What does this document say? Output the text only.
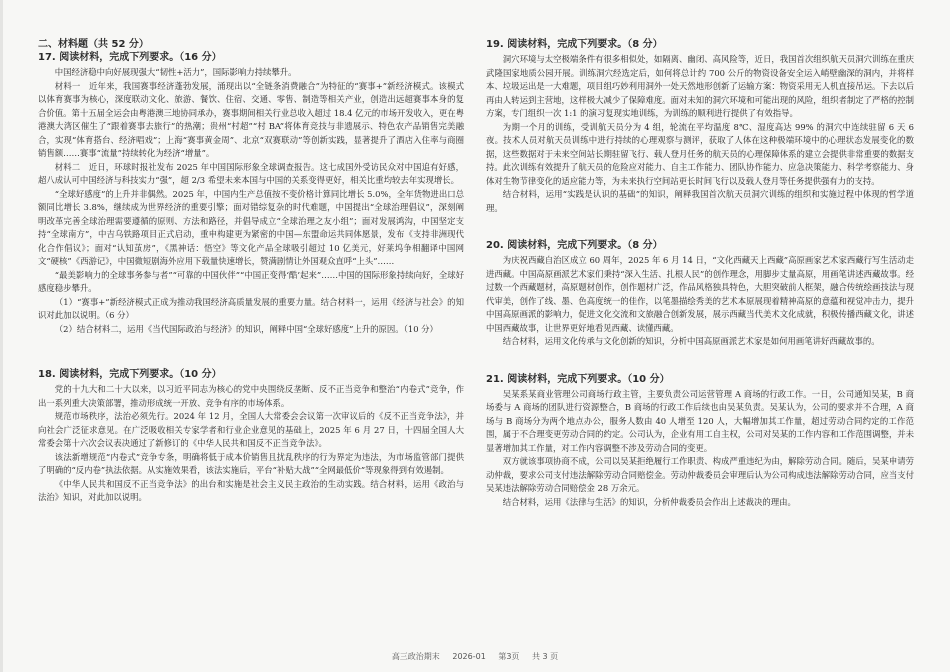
二、材料题（共 52 分）
17. 阅读材料，完成下列要求。（16 分）

中国经济稳中向好展现强大“韧性+活力”，国际影响力持续攀升。

材料一　近年来，我国赛事经济蓬勃发展，涌现出以“全链条消费融合”为特征的“赛事+”新经济模式。该模式以体育赛事为核心，深度联动文化、旅游、餐饮、住宿、交通、零售、制造等相关产业，创造出远超赛事本身的复合价值。第十五届全运会由粤港澳三地协同承办，赛事期间相关行业总收入超过 18.4 亿元的市场开发收入，更在粤港澳大湾区催生了“跟着赛事去旅行”的热潮；贵州“村超”“村 BA”将体育竞技与非遗展示、特色农产品销售完美融合，实现“体育搭台、经济唱戏”；上海“赛事黄金周”、北京“双赛联动”等创新实践，显著提升了酒店入住率与商圈销售额……赛事“流量”持续转化为经济“增量”。

材料二　近日，环球时报社发布 2025 年中国国际形象全球调查报告。这七成国外受访民众对中国追有好感，超八成认可中国经济与科技实力“强”，超 2/3 希望未来本国与中国的关系变得更好，相关比重均较去年实现增长。

“全球好感度”的上升并非偶然。2025 年，中国内生产总值按不变价格计算同比增长 5.0%，全年货物进出口总额同比增长 3.8%，继续成为世界经济的重要引擎；面对错综复杂的时代难题，中国提出“全球治理倡议”，深刻阐明改革完善全球治理需要遵循的原则、方法和路径，并倡导成立“全球治理之友小组”；面对发展鸿沟，中国坚定支持“全球南方”，中吉乌铁路项目正式启动，重申构建更为紧密的中国—东盟命运共同体愿景，发布《支持非洲现代化合作倡议》；面对“认知茧房”，《黑神话：悟空》等文化产品全球吸引超过 10 亿美元，好莱坞争相翻译中国网文“硬核”《西游记》，中国微短剧海外应用下载量快速增长，赞满剧情让外国观众直呼“上头”……

“最美影响力的全球事务参与者”“可靠的中国伙伴”“中国正变得‘酷’起来”……中国的国际形象持续向好，全球好感度稳步攀升。

（1）“赛事+”新经济模式正成为推动我国经济高质量发展的重要力量。结合材料一，运用《经济与社会》的知识对此加以说明。（6 分）

（2）结合材料二，运用《当代国际政治与经济》的知识，阐释中国“全球好感度”上升的原因。（10 分）

18. 阅读材料，完成下列要求。（10 分）

党的十九大和二十大以来，以习近平同志为核心的党中央围绕反垄断、反不正当竞争和整治“内卷式”竞争，作出一系列重大决策部署，推动形成统一开放、竞争有序的市场体系。

规范市场秩序，法治必须先行。2024 年 12 月，全国人大常委会会议第一次审议后的《反不正当竞争法》，并向社会广泛征求意见。在广泛吸收相关专家学者和行业企业意见的基础上，2025 年 6 月 27 日，十四届全国人大常委会第十六次会议表决通过了新修订的《中华人民共和国反不正当竞争法》。

该法新增规范“内卷式”竞争专条，明确将低于成本价销售且扰乱秩序的行为界定为违法，为市场监管部门提供了明确的“反内卷”执法依据。从实施效果看，该法实施后，平台“补贴大战”“全网最低价”等现象得到有效遏制。

《中华人民共和国反不正当竞争法》的出台和实施是社会主义民主政治的生动实践。结合材料，运用《政治与法治》知识，对此加以说明。

19. 阅读材料，完成下列要求。（8 分）

洞穴环境与太空极端条件有很多相似处，如隔离、幽闭、高风险等，近日，我国首次组织航天员洞穴训练在重庆武隆国家地质公园开展。训练洞穴经选定后，如何将总计约 700 公斤的物资设备安全运入峭壁幽深的洞内，并将样本、垃圾运出是一大难题，项目组巧妙利用洞外一处天然地形创新了运输方案：物资采用无人机直接吊运。下去以后再由人转运到主营地，这样极大减少了保障难度。面对未知的洞穴环境和可能出现的风险，组织者制定了严格的控制方案，专门组织一次 1:1 的演习复现实地训练，为训练的顺利进行提供了有效指导。

为期一个月的训练，受训航天员分为 4 组，轮流在平均温度 8℃、湿度高达 99% 的洞穴中连续驻留 6 天 6 夜。技术人员对航天员训练中进行持续的心理观察与测评，获取了人体在这种极端环境中的心理状态发展变化的数据，这些数据对于未来空间站长期驻留飞行、载人登月任务的航天员的心理保障体系的建立会提供非常重要的数据支持。此次训练有效提升了航天员的危险应对能力、自主工作能力、团队协作能力、应急决策能力、科学考察能力、身体对生物节律变化的适应能力等，为未来执行空间站更长时间飞行以及载人登月等任务提供强有力的支持。

结合材料，运用“实践是认识的基础”的知识，阐释我国首次航天员洞穴训练的组织和实施过程中体现的哲学道理。

20. 阅读材料，完成下列要求。（8 分）

为庆祝西藏自治区成立 60 周年，2025 年 6 月 14 日，“文化西藏天上西藏”高原画家艺术家西藏行写生活动走进西藏。中国高原画派艺术家们秉持“深入生活、扎根人民”的创作理念，用脚步丈量高原，用画笔讲述西藏故事。经过数一个西藏题材，高原题材创作，创作题材广泛，作品风格独具特色，大胆突破前人框架，融合传统绘画技法与现代审美，创作了线、墨、色高度统一的佳作，以笔墨描绘秀美的艺术本原展现着精神高原的意蕴和视觉冲击力，提升中国高原画派的影响力，促进文化交流和文旅融合创新发展，展示西藏当代美术文化成就，积极传播西藏文化，讲述中国西藏故事，让世界更好地看见西藏、读懂西藏。

结合材料，运用文化传承与文化创新的知识，分析中国高原画派艺术家是如何用画笔讲好西藏故事的。

21. 阅读材料，完成下列要求。（10 分）

吴某系某商业管理公司商场行政主管，主要负责公司运营管理 A 商场的行政工作。一日，公司通知吴某，B 商场委与 A 商场的团队进行资源整合，B 商场的行政工作后续也由吴某负责。吴某认为，公司的要求并不合理，A 商场与 B 商场分为两个地点办公，服务人数由 40 人增至 120 人，大幅增加其工作量，超过劳动合同约定的工作范围，属于不合理变更劳动合同的约定。公司认为，企业有用工自主权，公司对吴某的工作内容和工作范围调整，并未显著增加其工作量，对工作内容调整不涉及劳动合同的变更。

双方就该事项协商不成，公司以吴某拒绝履行工作职责、构成严重违纪为由，解除劳动合同。随后，吴某申请劳动仲裁，要求公司支付违法解除劳动合同赔偿金。劳动仲裁委员会审理后认为公司构成违法解除劳动合同，应当支付吴某违法解除劳动合同赔偿金 28 万余元。

结合材料，运用《法律与生活》的知识，分析仲裁委员会作出上述裁决的理由。

高三政治期末 2026-01 第3页 共 3 页
